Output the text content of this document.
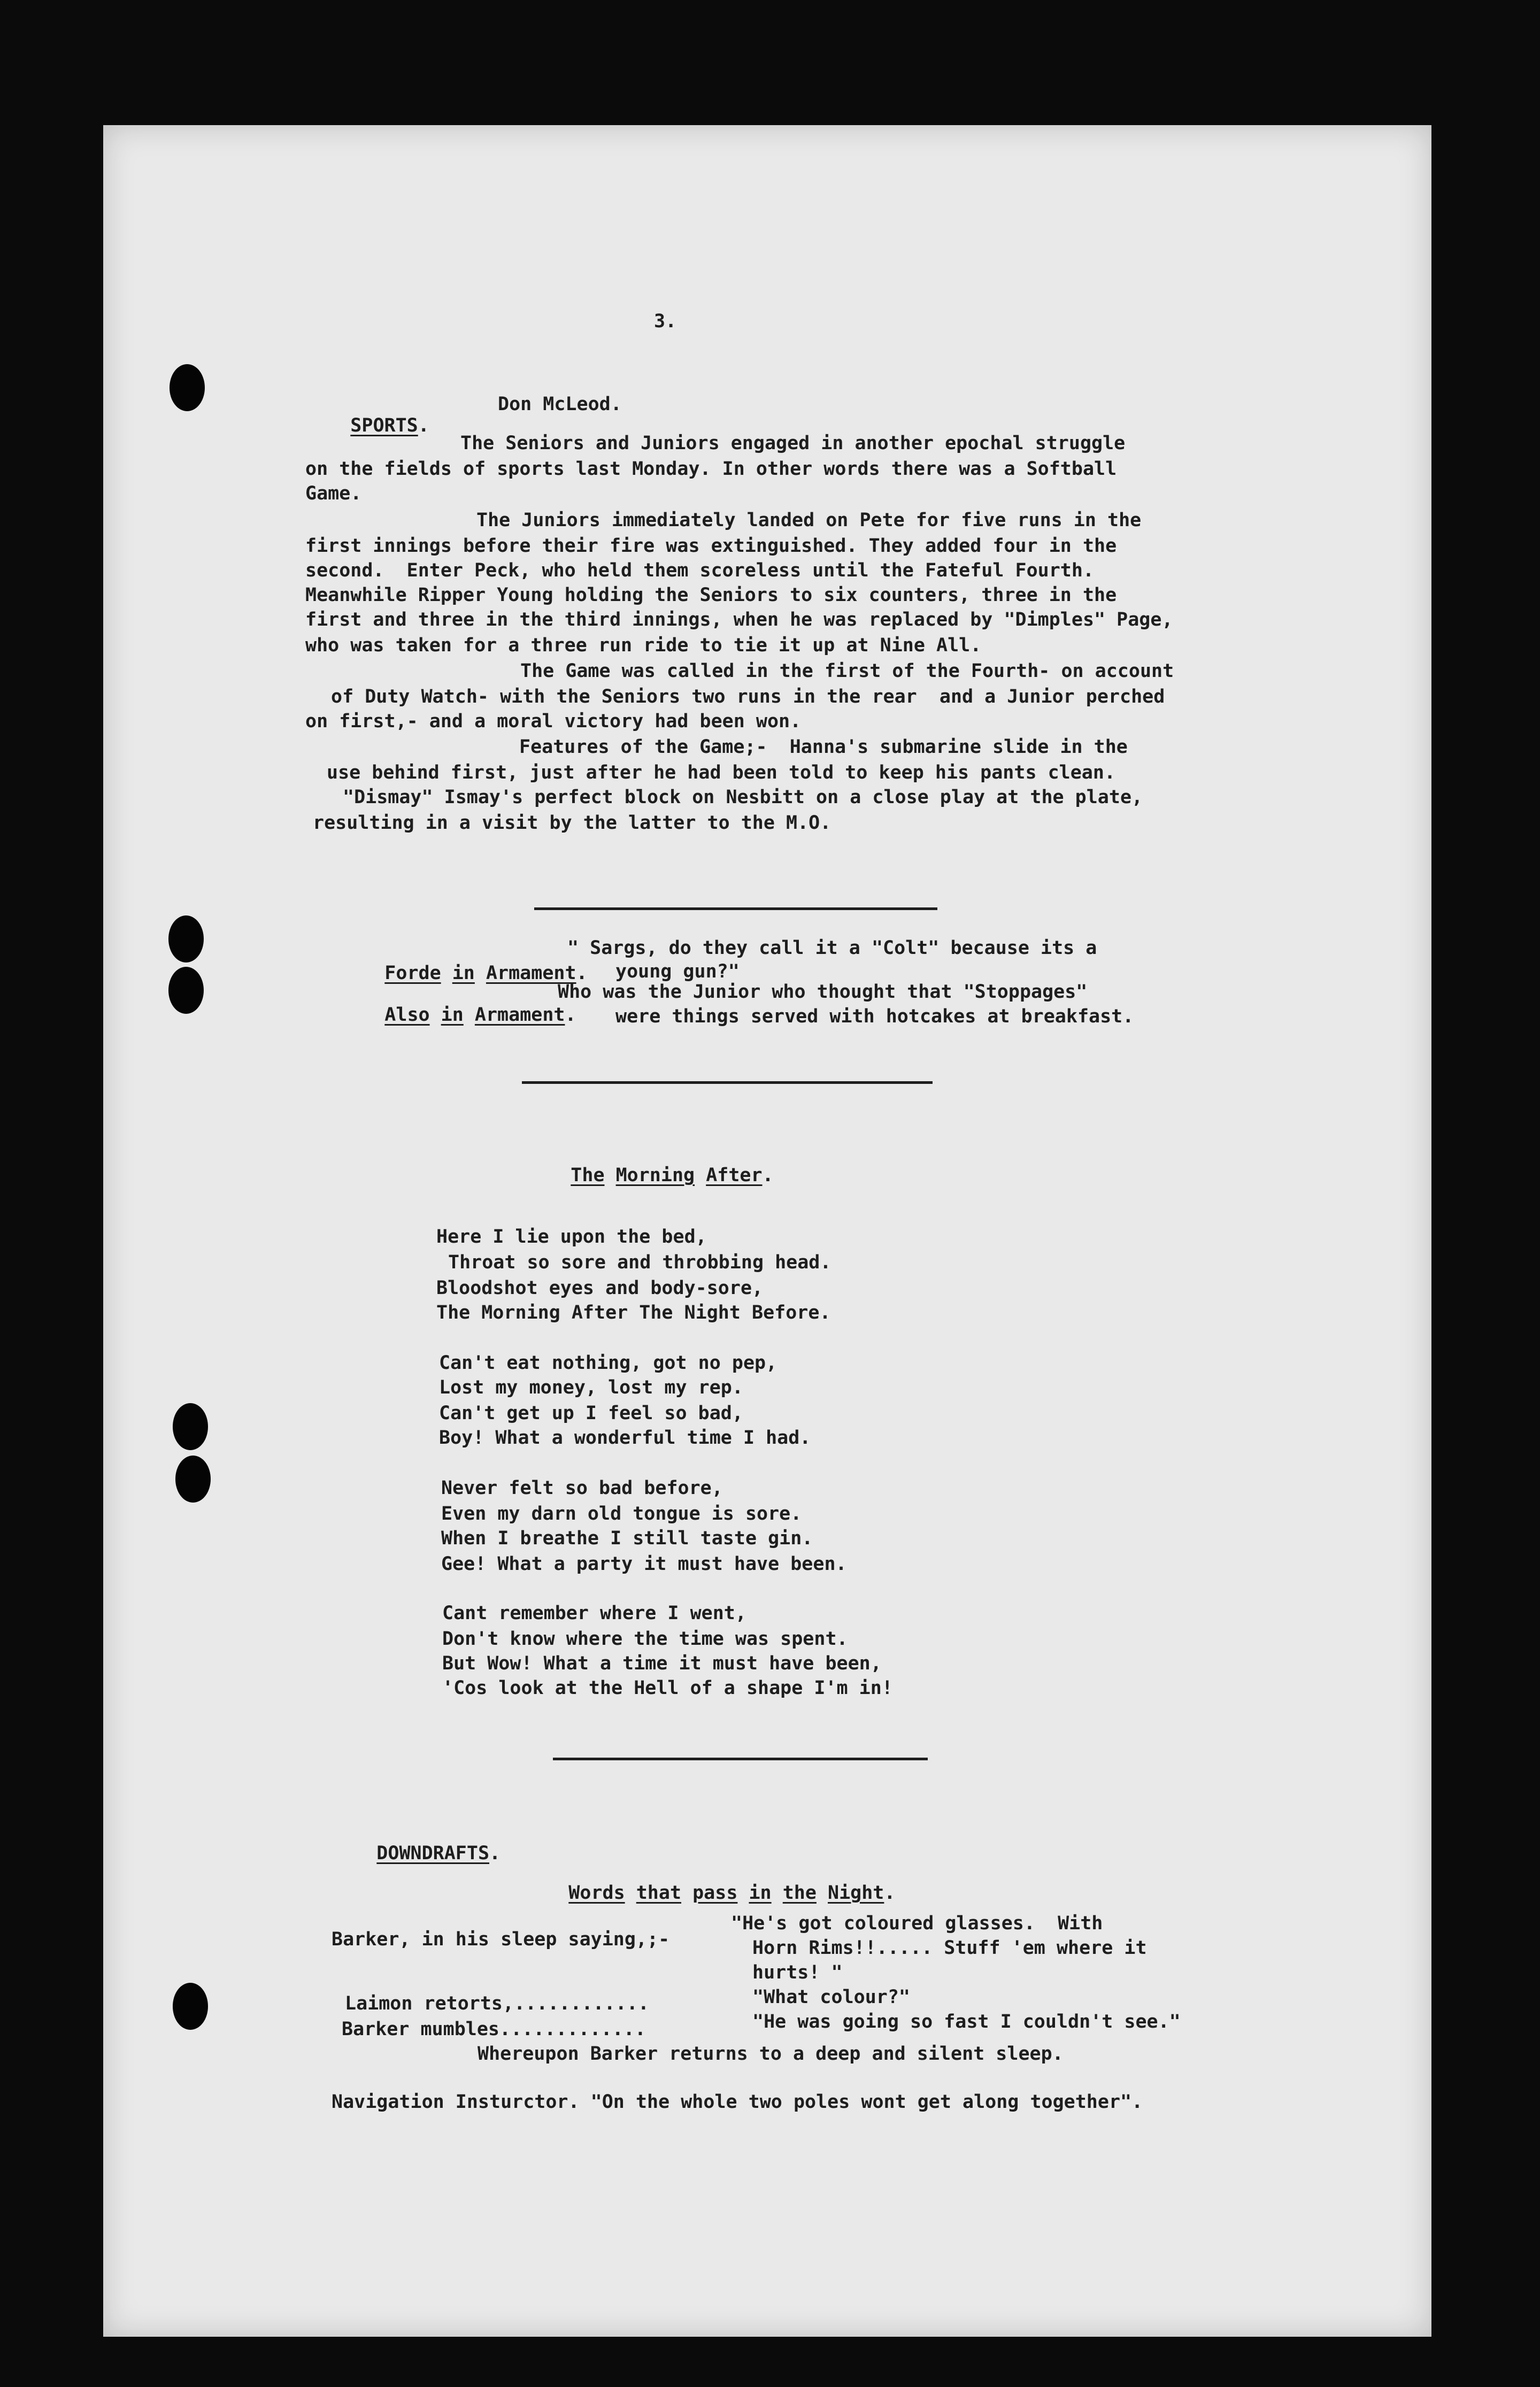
3.

SPORTS.

Don McLeod.
The Seniors and Juniors engaged in another epochal struggle
on the fields of sports last Monday. In other words there was a Softball
Game.
The Juniors immediately landed on Pete for five runs in the
first innings before their fire was extinguished. They added four in the
second.  Enter Peck, who held them scoreless until the Fateful Fourth.
Meanwhile Ripper Young holding the Seniors to six counters, three in the
first and three in the third innings, when he was replaced by "Dimples" Page,
who was taken for a three run ride to tie it up at Nine All.
The Game was called in the first of the Fourth- on account
of Duty Watch- with the Seniors two runs in the rear  and a Junior perched
on first,- and a moral victory had been won.
Features of the Game;-  Hanna's submarine slide in the
use behind first, just after he had been told to keep his pants clean.
"Dismay" Ismay's perfect block on Nesbitt on a close play at the plate,
resulting in a visit by the latter to the M.O.

Forde in Armament.

" Sargs, do they call it a "Colt" because its a
young gun?"

Also in Armament.

Who was the Junior who thought that "Stoppages"
were things served with hotcakes at breakfast.

The Morning After.

Here I lie upon the bed,
Throat so sore and throbbing head.
Bloodshot eyes and body-sore,
The Morning After The Night Before.
Can't eat nothing, got no pep,
Lost my money, lost my rep.
Can't get up I feel so bad,
Boy! What a wonderful time I had.
Never felt so bad before,
Even my darn old tongue is sore.
When I breathe I still taste gin.
Gee! What a party it must have been.
Cant remember where I went,
Don't know where the time was spent.
But Wow! What a time it must have been,
'Cos look at the Hell of a shape I'm in!

DOWNDRAFTS.

Words that pass in the Night.

Barker, in his sleep saying,;-
"He's got coloured glasses.  With
Horn Rims!!..... Stuff 'em where it
hurts! "
Laimon retorts,............	"What colour?"
Barker mumbles.............	"He was going so fast I couldn't see."
Whereupon Barker returns to a deep and silent sleep.
Navigation Insturctor. "On the whole two poles wont get along together".
